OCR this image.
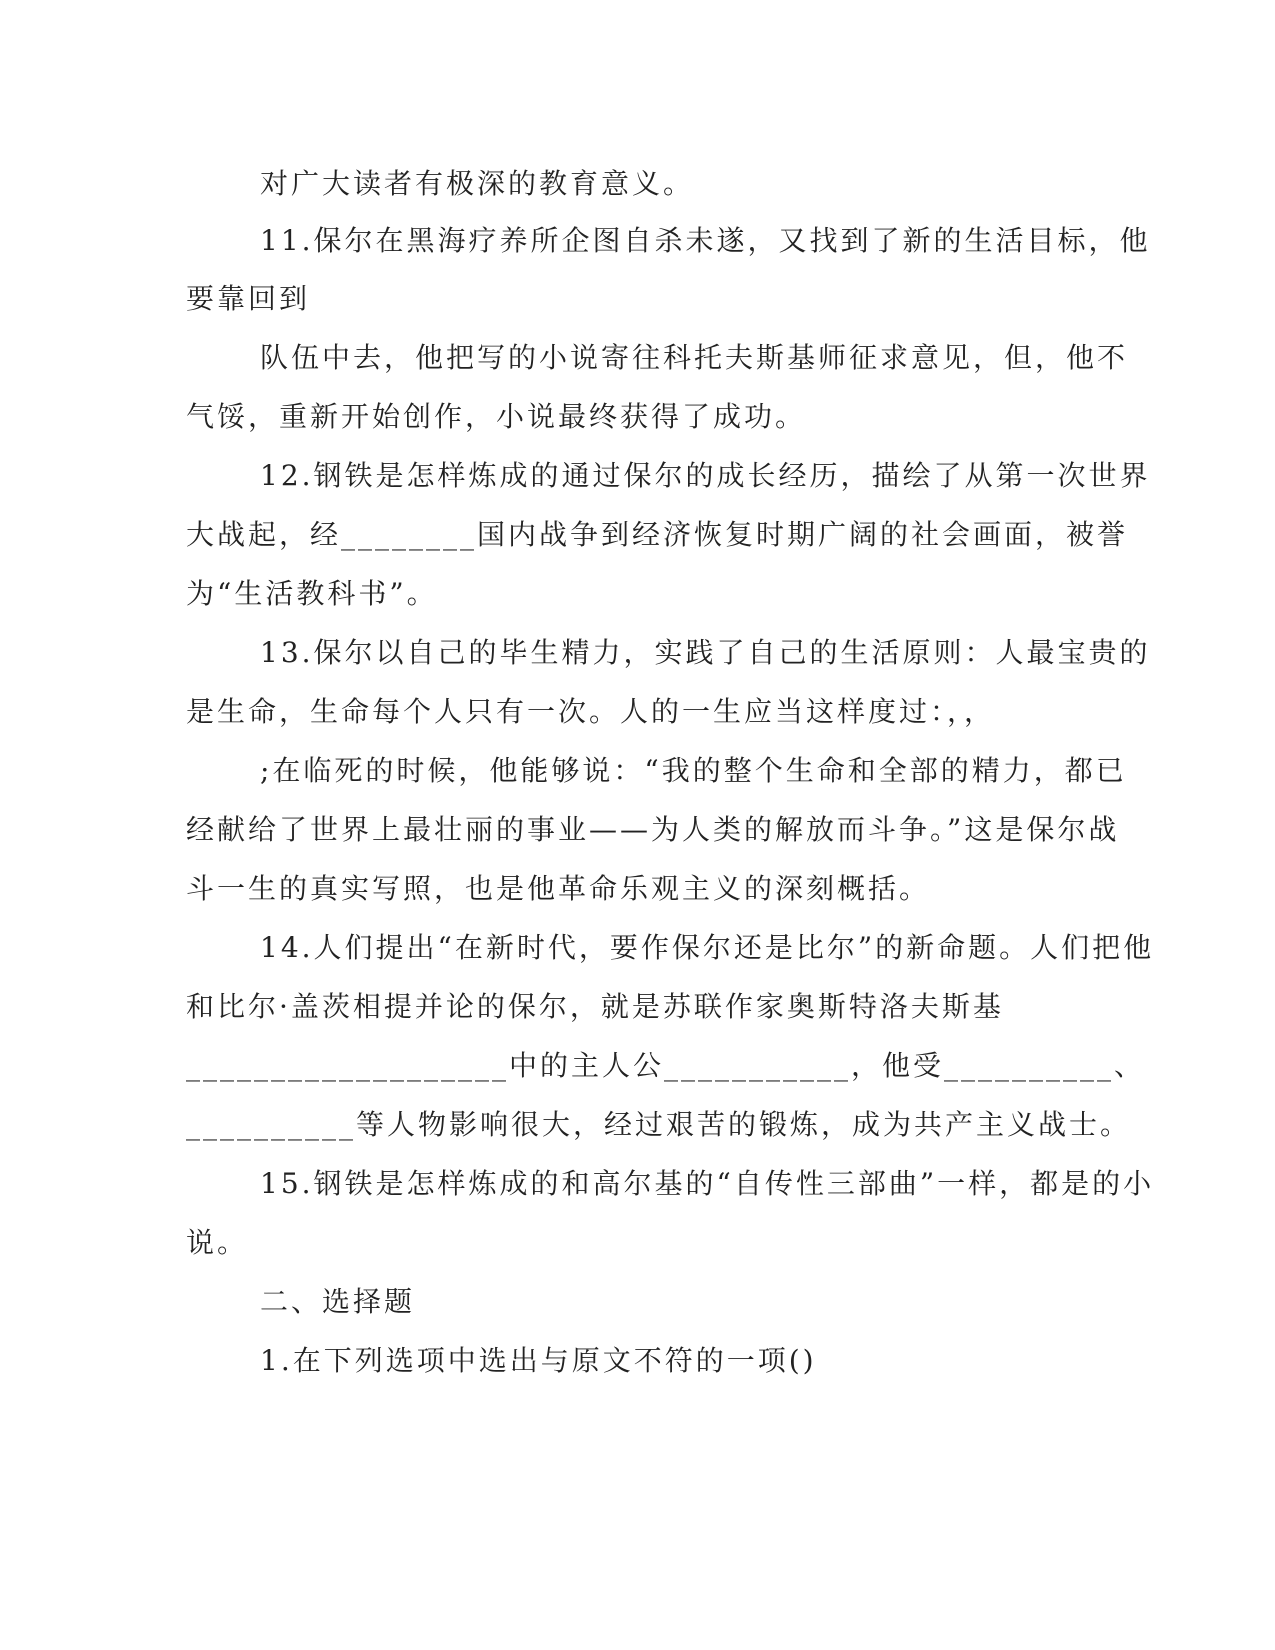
对广大读者有极深的教育意义。

11.保尔在黑海疗养所企图自杀未遂，又找到了新的生活目标，他

要靠回到

队伍中去，他把写的小说寄往科托夫斯基师征求意见，但，他不

气馁，重新开始创作，小说最终获得了成功。

12.钢铁是怎样炼成的通过保尔的成长经历，描绘了从第一次世界

大战起，经________国内战争到经济恢复时期广阔的社会画面，被誉

为“生活教科书”。

13.保尔以自己的毕生精力，实践了自己的生活原则：人最宝贵的

是生命，生命每个人只有一次。人的一生应当这样度过：，，

;在临死的时候，他能够说：“我的整个生命和全部的精力，都已

经献给了世界上最壮丽的事业——为人类的解放而斗争。”这是保尔战

斗一生的真实写照，也是他革命乐观主义的深刻概括。

14.人们提出“在新时代，要作保尔还是比尔”的新命题。人们把他

和比尔·盖茨相提并论的保尔，就是苏联作家奥斯特洛夫斯基

___________________中的主人公___________，他受__________、

__________等人物影响很大，经过艰苦的锻炼，成为共产主义战士。

15.钢铁是怎样炼成的和高尔基的“自传性三部曲”一样，都是的小

说。

二、选择题

1.在下列选项中选出与原文不符的一项()
